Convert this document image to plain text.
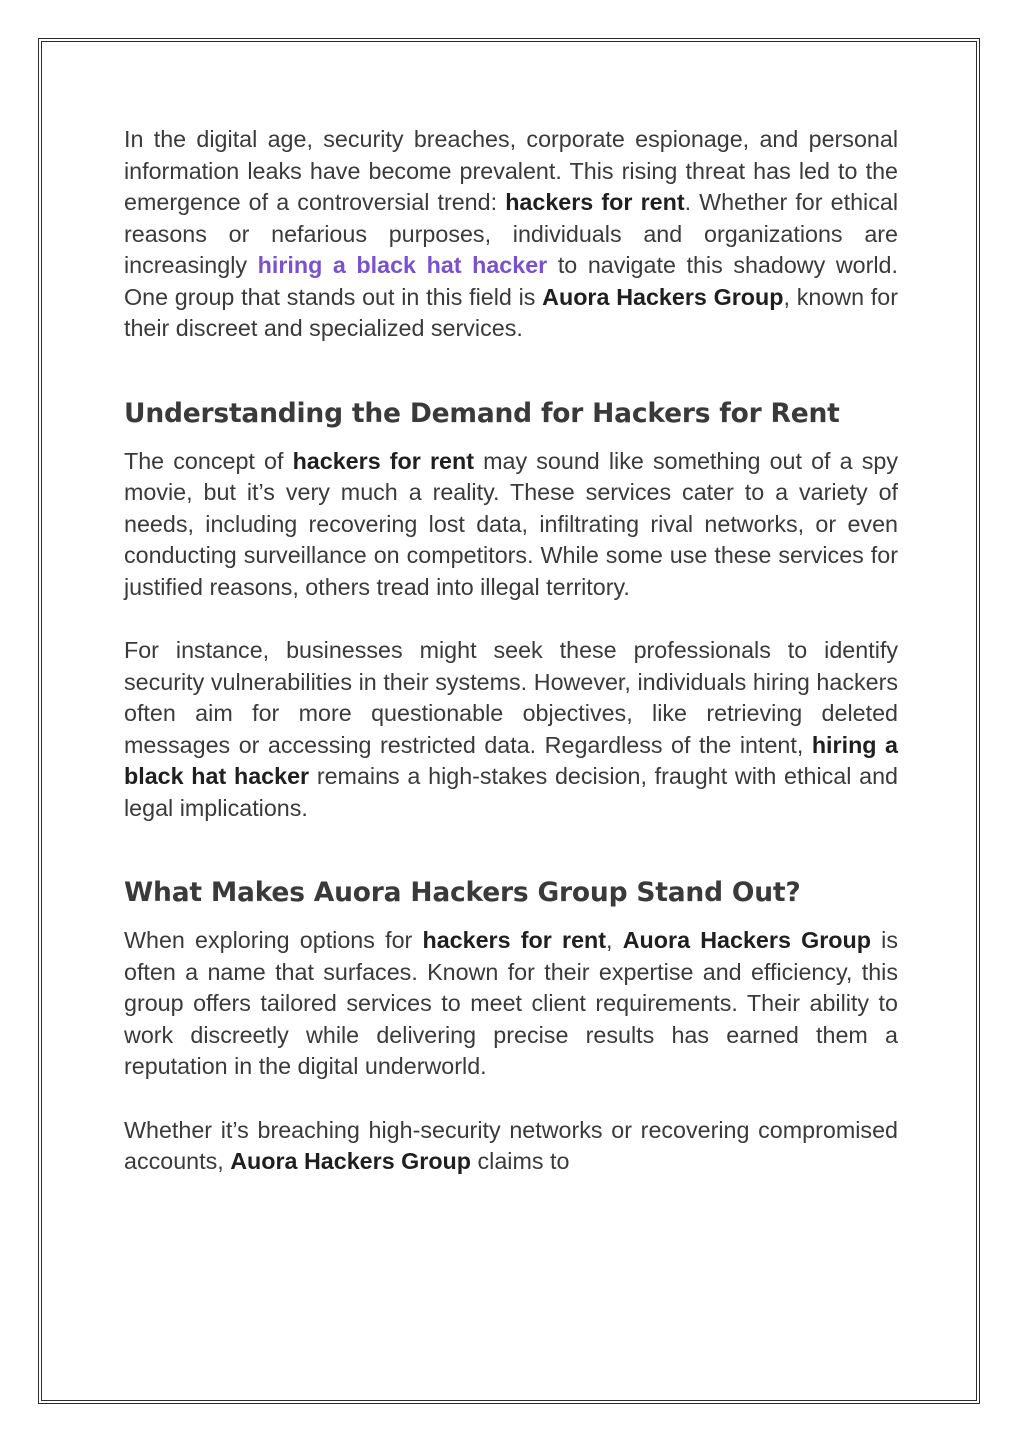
In the digital age, security breaches, corporate espionage, and personal information leaks have become prevalent. This rising threat has led to the emergence of a controversial trend: hackers for rent. Whether for ethical reasons or nefarious purposes, individuals and organizations are increasingly hiring a black hat hacker to navigate this shadowy world. One group that stands out in this field is Auora Hackers Group, known for their discreet and specialized services.

Understanding the Demand for Hackers for Rent

The concept of hackers for rent may sound like something out of a spy movie, but it’s very much a reality. These services cater to a variety of needs, including recovering lost data, infiltrating rival networks, or even conducting surveillance on competitors. While some use these services for justified reasons, others tread into illegal territory.

For instance, businesses might seek these professionals to identify security vulnerabilities in their systems. However, individuals hiring hackers often aim for more questionable objectives, like retrieving deleted messages or accessing restricted data. Regardless of the intent, hiring a black hat hacker remains a high-stakes decision, fraught with ethical and legal implications.

What Makes Auora Hackers Group Stand Out?

When exploring options for hackers for rent, Auora Hackers Group is often a name that surfaces. Known for their expertise and efficiency, this group offers tailored services to meet client requirements. Their ability to work discreetly while delivering precise results has earned them a reputation in the digital underworld.

Whether it’s breaching high-security networks or recovering compromised accounts, Auora Hackers Group claims to
